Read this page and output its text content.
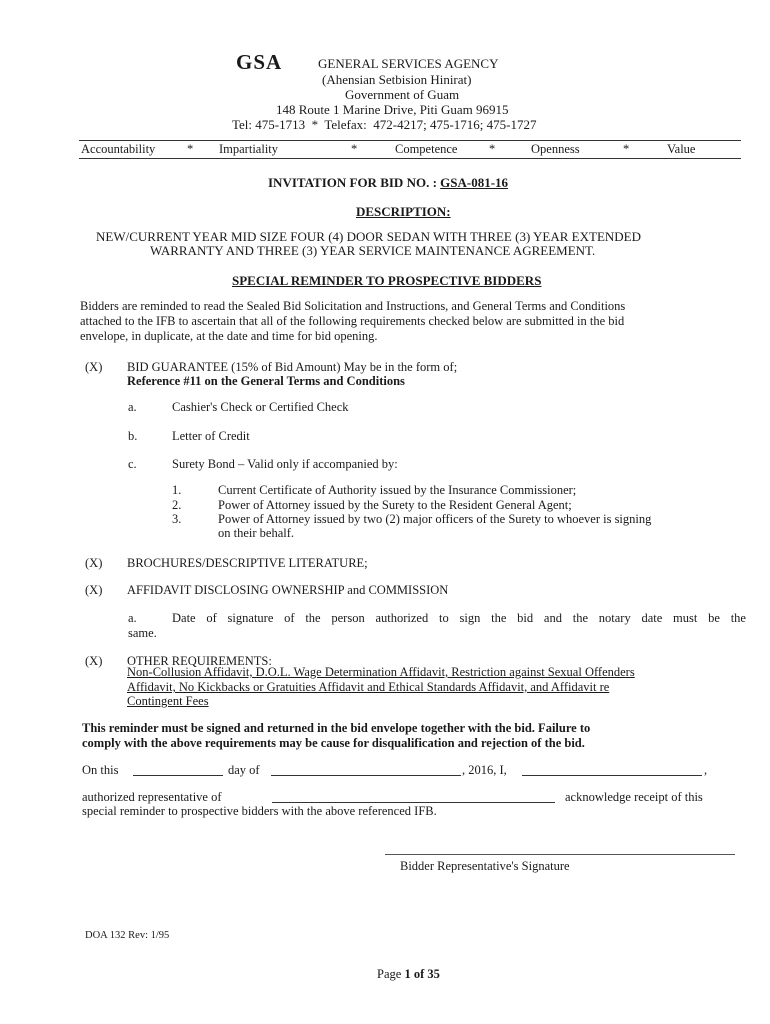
GSA	GENERAL SERVICES AGENCY
(Ahensian Setbision Hinirat)
Government of Guam
148 Route 1 Marine Drive, Piti Guam 96915
Tel: 475-1713  *  Telefax:  472-4217; 475-1716; 475-1727
Accountability	* Impartiality	*	Competence	*	Openness	*	Value
INVITATION FOR BID NO. : GSA-081-16
DESCRIPTION:
NEW/CURRENT YEAR MID SIZE FOUR (4) DOOR SEDAN WITH THREE (3) YEAR EXTENDED
WARRANTY AND THREE (3) YEAR SERVICE MAINTENANCE AGREEMENT.
SPECIAL REMINDER TO PROSPECTIVE BIDDERS
Bidders are reminded to read the Sealed Bid Solicitation and Instructions, and General Terms and Conditions
attached to the IFB to ascertain that all of the following requirements checked below are submitted in the bid
envelope, in duplicate, at the date and time for bid opening.
(X) BID GUARANTEE (15% of Bid Amount) May be in the form of;
Reference #11 on the General Terms and Conditions
a.	Cashier's Check or Certified Check
b.	Letter of Credit
c.	Surety Bond – Valid only if accompanied by:
1.	Current Certificate of Authority issued by the Insurance Commissioner;
2.	Power of Attorney issued by the Surety to the Resident General Agent;
3.	Power of Attorney issued by two (2) major officers of the Surety to whoever is signing
on their behalf.
(X) BROCHURES/DESCRIPTIVE LITERATURE;
(X) AFFIDAVIT DISCLOSING OWNERSHIP and COMMISSION
a.	Date of signature of the person authorized to sign the bid and the notary date must be the
same.
(X) OTHER REQUIREMENTS:
Non-Collusion Affidavit, D.O.L. Wage Determination Affidavit, Restriction against Sexual Offenders
Affidavit, No Kickbacks or Gratuities Affidavit and Ethical Standards Affidavit, and Affidavit re
Contingent Fees
This reminder must be signed and returned in the bid envelope together with the bid. Failure to
comply with the above requirements may be cause for disqualification and rejection of the bid.
On this	day of	, 2016, I,	,
authorized representative of	acknowledge receipt of this
special reminder to prospective bidders with the above referenced IFB.
Bidder Representative's Signature
DOA 132 Rev: 1/95
Page 1 of 35
